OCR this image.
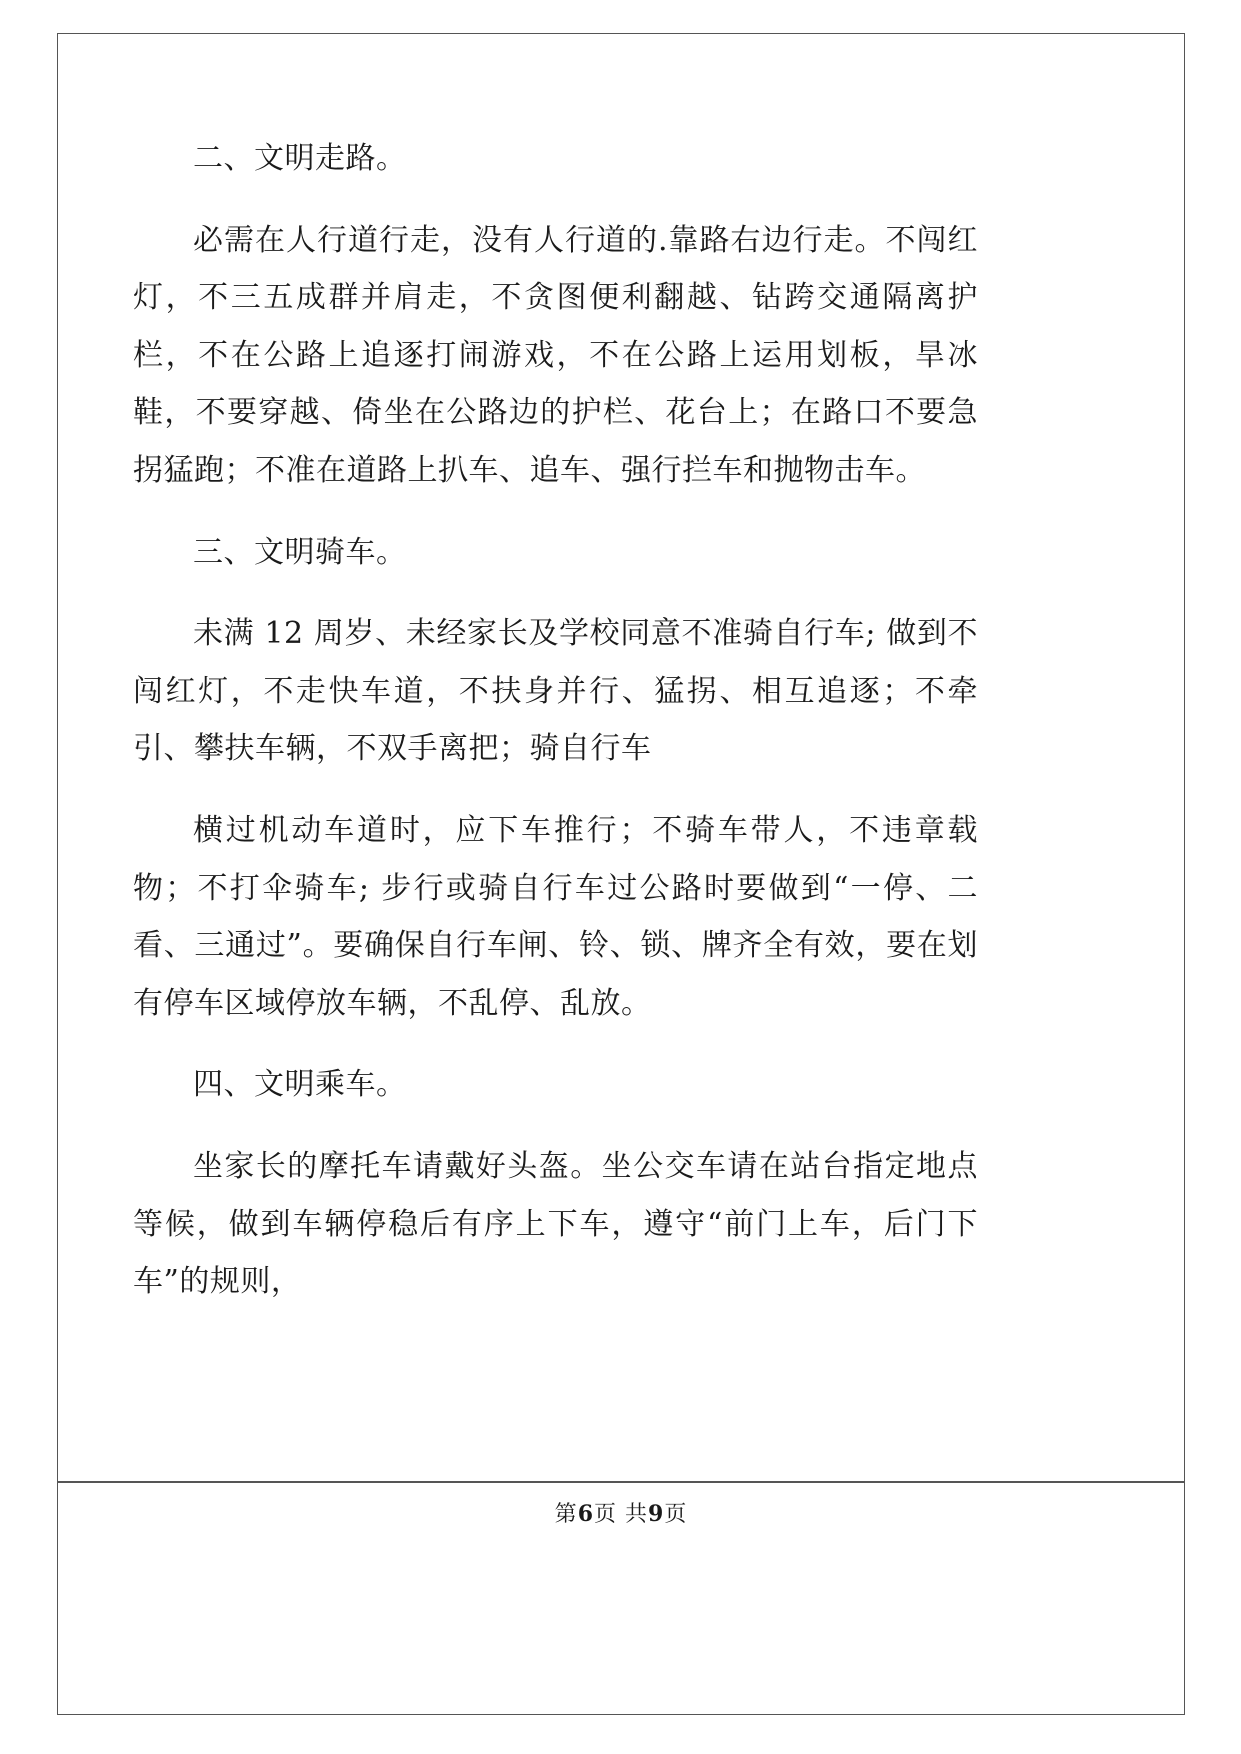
二、文明走路。

必需在人行道行走，没有人行道的.靠路右边行走。不闯红灯，不三五成群并肩走，不贪图便利翻越、钻跨交通隔离护栏，不在公路上追逐打闹游戏，不在公路上运用划板，旱冰鞋，不要穿越、倚坐在公路边的护栏、花台上；在路口不要急拐猛跑；不准在道路上扒车、追车、强行拦车和抛物击车。

三、文明骑车。

未满 12 周岁、未经家长及学校同意不准骑自行车; 做到不闯红灯，不走快车道，不扶身并行、猛拐、相互追逐；不牵引、攀扶车辆，不双手离把；骑自行车

横过机动车道时，应下车推行；不骑车带人，不违章载物；不打伞骑车; 步行或骑自行车过公路时要做到“一停、二看、三通过”。要确保自行车闸、铃、锁、牌齐全有效，要在划有停车区域停放车辆，不乱停、乱放。

四、文明乘车。

坐家长的摩托车请戴好头盔。坐公交车请在站台指定地点等候，做到车辆停稳后有序上下车，遵守“前门上车，后门下车”的规则，

第6页 共9页
